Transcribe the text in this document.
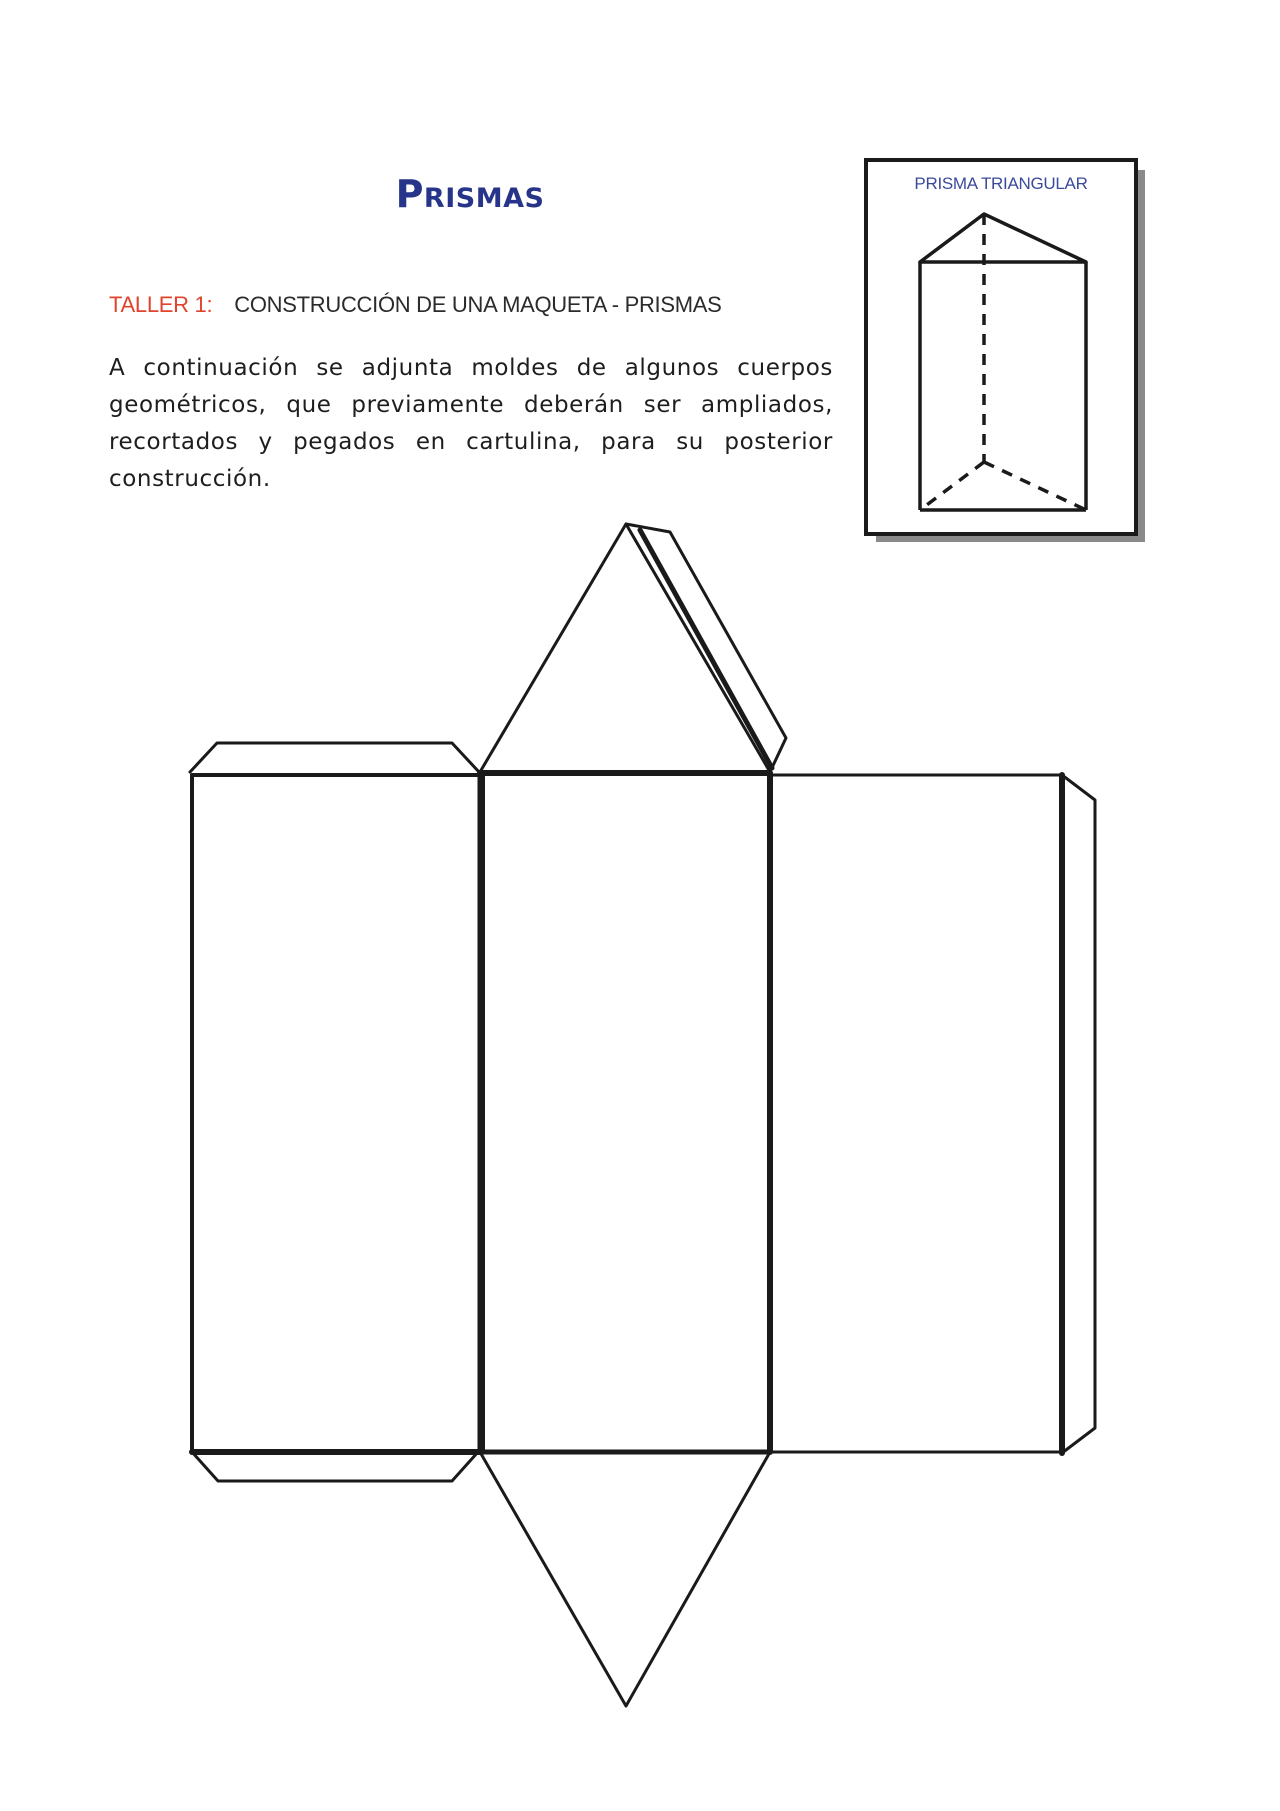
Prismas
TALLER 1: CONSTRUCCIÓN DE UNA MAQUETA - PRISMAS

A continuación se adjunta moldes de algunos cuerpos geométricos, que previamente deberán ser ampliados, recortados y pegados en cartulina, para su posterior construcción.

PRISMA TRIANGULAR
